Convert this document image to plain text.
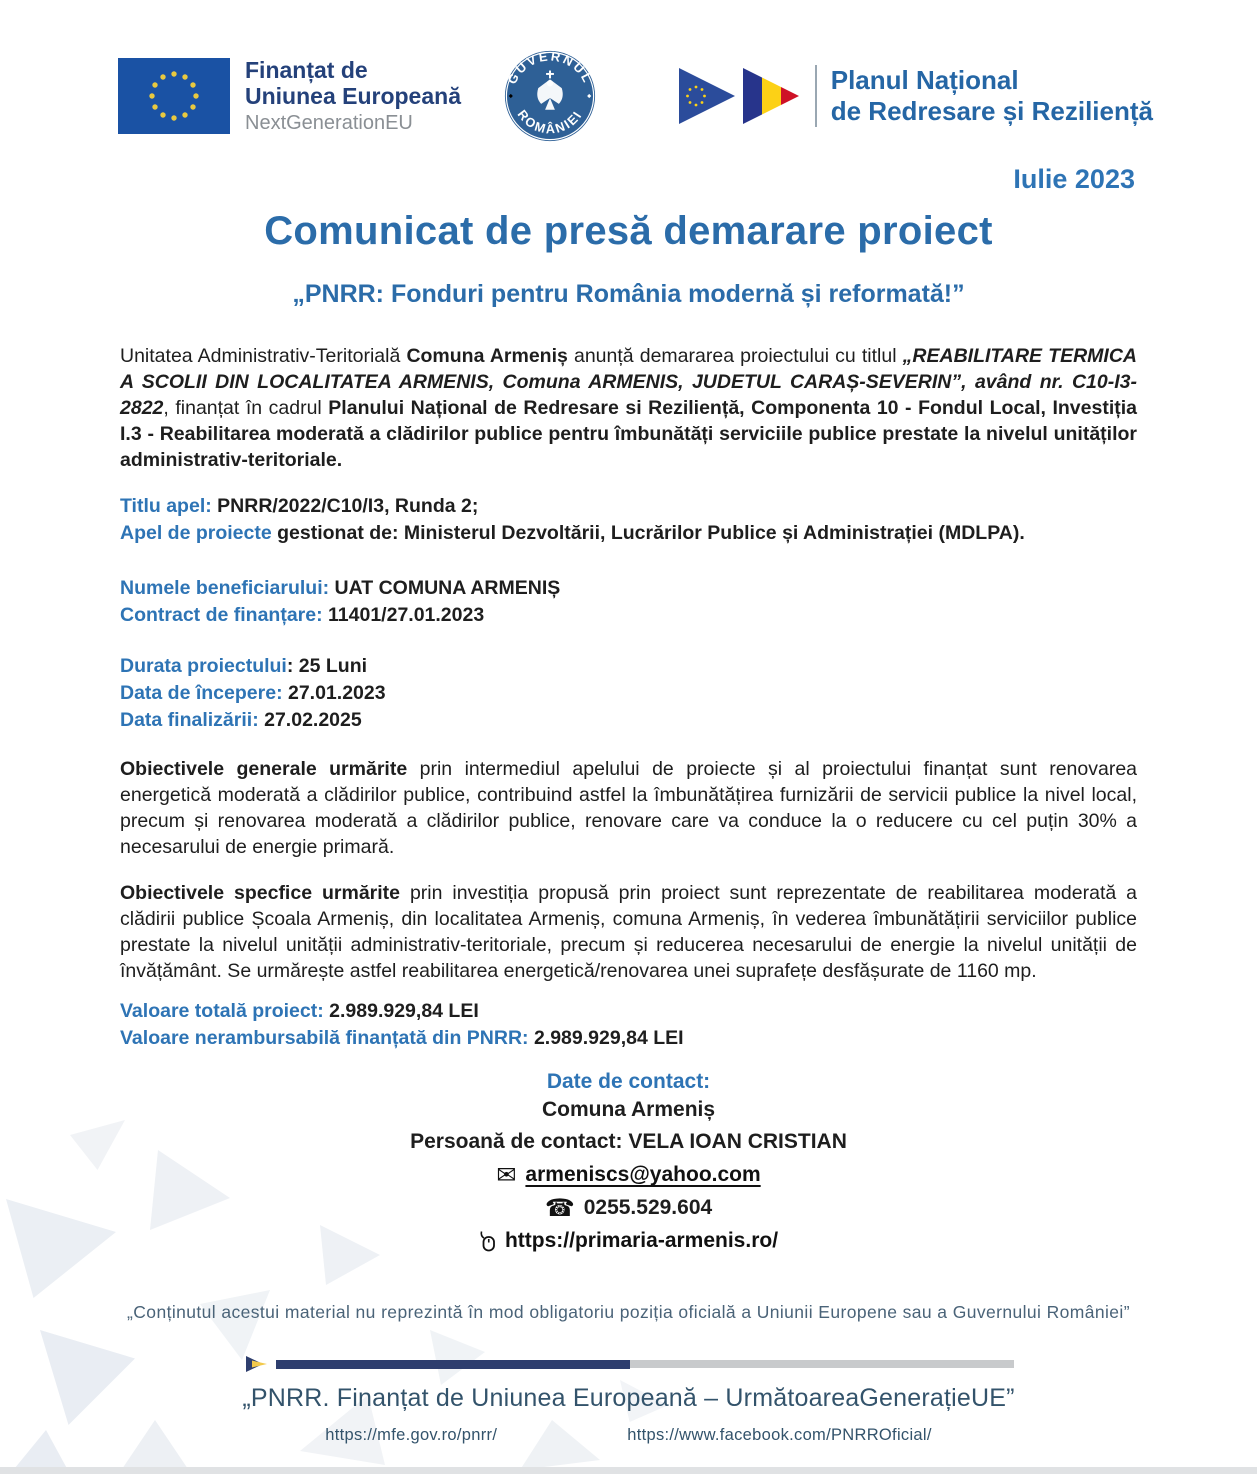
Finanțat de
Uniunea Europeană
NextGenerationEU
GUVERNUL
ROMÂNIEI
Planul Național
de Redresare și Reziliență
Iulie 2023
Comunicat de presă demarare proiect
„PNRR: Fonduri pentru România modernă și reformată!”

Unitatea Administrativ-Teritorială Comuna Armeniș anunță demararea proiectului cu titlul „REABILITARE TERMICA A SCOLII DIN LOCALITATEA ARMENIS, Comuna ARMENIS, JUDETUL CARAȘ-SEVERIN”, având nr. C10-I3-2822, finanțat în cadrul Planului Național de Redresare si Reziliență, Componenta 10 - Fondul Local, Investiția I.3 - Reabilitarea moderată a clădirilor publice pentru îmbunătăți serviciile publice prestate la nivelul unităților administrativ-teritoriale.

Titlu apel: PNRR/2022/C10/I3, Runda 2;
Apel de proiecte gestionat de: Ministerul Dezvoltării, Lucrărilor Publice și Administrației (MDLPA).
Numele beneficiarului: UAT COMUNA ARMENIȘ
Contract de finanțare: 11401/27.01.2023
Durata proiectului: 25 Luni
Data de începere: 27.01.2023
Data finalizării: 27.02.2025

Obiectivele generale urmărite prin intermediul apelului de proiecte și al proiectului finanțat sunt renovarea energetică moderată a clădirilor publice, contribuind astfel la îmbunătățirea furnizării de servicii publice la nivel local, precum și renovarea moderată a clădirilor publice, renovare care va conduce la o reducere cu cel puțin 30% a necesarului de energie primară.

Obiectivele specfice urmărite prin investiția propusă prin proiect sunt reprezentate de reabilitarea moderată a clădirii publice Școala Armeniș, din localitatea Armeniș, comuna Armeniș, în vederea îmbunătățirii serviciilor publice prestate la nivelul unității administrativ-teritoriale, precum și reducerea necesarului de energie la nivelul unității de învățământ. Se urmărește astfel reabilitarea energetică/renovarea unei suprafețe desfășurate de 1160 mp.

Valoare totală proiect: 2.989.929,84 LEI
Valoare nerambursabilă finanțată din PNRR: 2.989.929,84 LEI
Date de contact:
Comuna Armeniș
Persoană de contact: VELA IOAN CRISTIAN
✉ armeniscs@yahoo.com
☎ 0255.529.604
https://primaria-armenis.ro/
„Conținutul acestui material nu reprezintă în mod obligatoriu poziția oficială a Uniunii Europene sau a Guvernului României”
„PNRR. Finanțat de Uniunea Europeană – UrmătoareaGenerațieUE”
https://mfe.gov.ro/pnrr/	https://www.facebook.com/PNRROficial/
